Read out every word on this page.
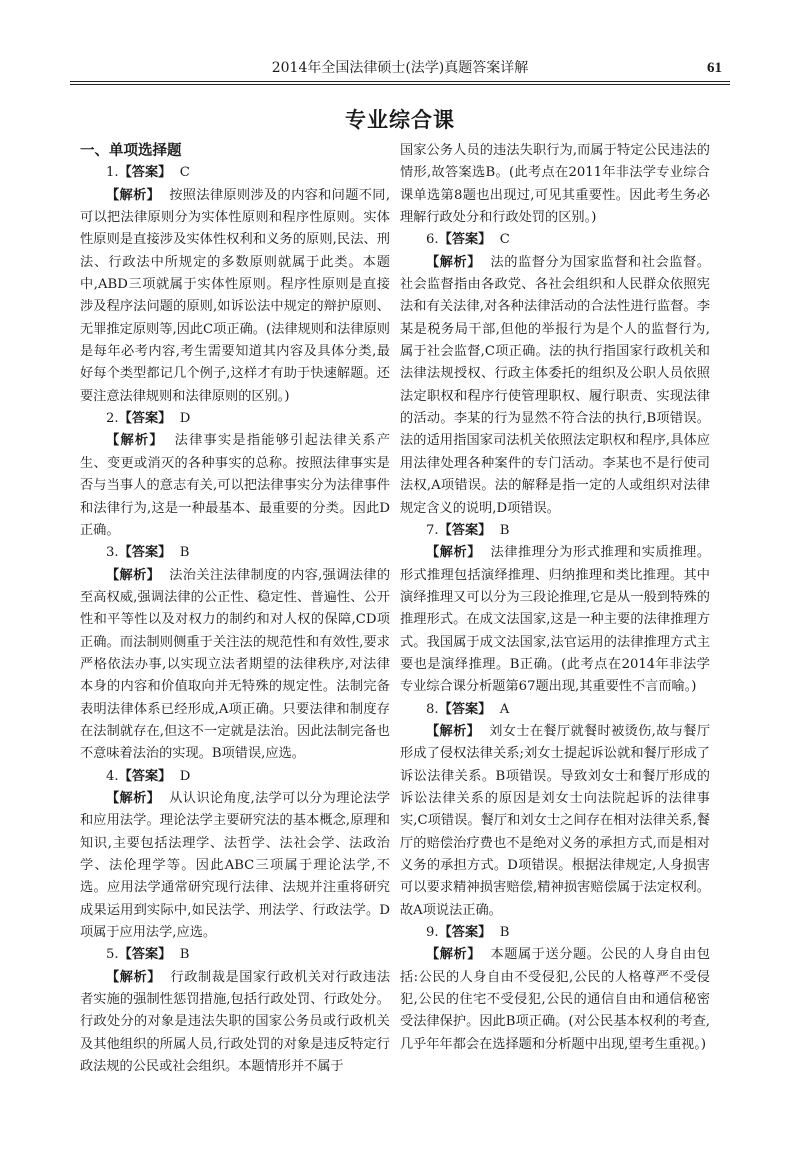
2014年全国法律硕士(法学)真题答案详解	61
专业综合课

一、单项选择题

1.【答案】 C

【解析】 按照法律原则涉及的内容和问题不同,可以把法律原则分为实体性原则和程序性原则。实体性原则是直接涉及实体性权利和义务的原则,民法、刑法、行政法中所规定的多数原则就属于此类。本题中,ABD三项就属于实体性原则。程序性原则是直接涉及程序法问题的原则,如诉讼法中规定的辩护原则、无罪推定原则等,因此C项正确。(法律规则和法律原则是每年必考内容,考生需要知道其内容及具体分类,最好每个类型都记几个例子,这样才有助于快速解题。还要注意法律规则和法律原则的区别。)

2.【答案】 D

【解析】 法律事实是指能够引起法律关系产生、变更或消灭的各种事实的总称。按照法律事实是否与当事人的意志有关,可以把法律事实分为法律事件和法律行为,这是一种最基本、最重要的分类。因此D正确。

3.【答案】 B

【解析】 法治关注法律制度的内容,强调法律的至高权威,强调法律的公正性、稳定性、普遍性、公开性和平等性以及对权力的制约和对人权的保障,CD项正确。而法制则侧重于关注法的规范性和有效性,要求严格依法办事,以实现立法者期望的法律秩序,对法律本身的内容和价值取向并无特殊的规定性。法制完备表明法律体系已经形成,A项正确。只要法律和制度存在法制就存在,但这不一定就是法治。因此法制完备也不意味着法治的实现。B项错误,应选。

4.【答案】 D

【解析】 从认识论角度,法学可以分为理论法学和应用法学。理论法学主要研究法的基本概念,原理和知识,主要包括法理学、法哲学、法社会学、法政治学、法伦理学等。因此ABC三项属于理论法学,不选。应用法学通常研究现行法律、法规并注重将研究成果运用到实际中,如民法学、刑法学、行政法学。D项属于应用法学,应选。

5.【答案】 B

【解析】 行政制裁是国家行政机关对行政违法者实施的强制性惩罚措施,包括行政处罚、行政处分。行政处分的对象是违法失职的国家公务员或行政机关及其他组织的所属人员,行政处罚的对象是违反特定行政法规的公民或社会组织。本题情形并不属于

国家公务人员的违法失职行为,而属于特定公民违法的情形,故答案选B。(此考点在2011年非法学专业综合课单选第8题也出现过,可见其重要性。因此考生务必理解行政处分和行政处罚的区别。)

6.【答案】 C

【解析】 法的监督分为国家监督和社会监督。社会监督指由各政党、各社会组织和人民群众依照宪法和有关法律,对各种法律活动的合法性进行监督。李某是税务局干部,但他的举报行为是个人的监督行为,属于社会监督,C项正确。法的执行指国家行政机关和法律法规授权、行政主体委托的组织及公职人员依照法定职权和程序行使管理职权、履行职责、实现法律的活动。李某的行为显然不符合法的执行,B项错误。法的适用指国家司法机关依照法定职权和程序,具体应用法律处理各种案件的专门活动。李某也不是行使司法权,A项错误。法的解释是指一定的人或组织对法律规定含义的说明,D项错误。

7.【答案】 B

【解析】 法律推理分为形式推理和实质推理。形式推理包括演绎推理、归纳推理和类比推理。其中演绎推理又可以分为三段论推理,它是从一般到特殊的推理形式。在成文法国家,这是一种主要的法律推理方式。我国属于成文法国家,法官运用的法律推理方式主要也是演绎推理。B正确。(此考点在2014年非法学专业综合课分析题第67题出现,其重要性不言而喻。)

8.【答案】 A

【解析】 刘女士在餐厅就餐时被烫伤,故与餐厅形成了侵权法律关系;刘女士提起诉讼就和餐厅形成了诉讼法律关系。B项错误。导致刘女士和餐厅形成的诉讼法律关系的原因是刘女士向法院起诉的法律事实,C项错误。餐厅和刘女士之间存在相对法律关系,餐厅的赔偿治疗费也不是绝对义务的承担方式,而是相对义务的承担方式。D项错误。根据法律规定,人身损害可以要求精神损害赔偿,精神损害赔偿属于法定权利。故A项说法正确。

9.【答案】 B

【解析】 本题属于送分题。公民的人身自由包括:公民的人身自由不受侵犯,公民的人格尊严不受侵犯,公民的住宅不受侵犯,公民的通信自由和通信秘密受法律保护。因此B项正确。(对公民基本权利的考查,几乎年年都会在选择题和分析题中出现,望考生重视。)
